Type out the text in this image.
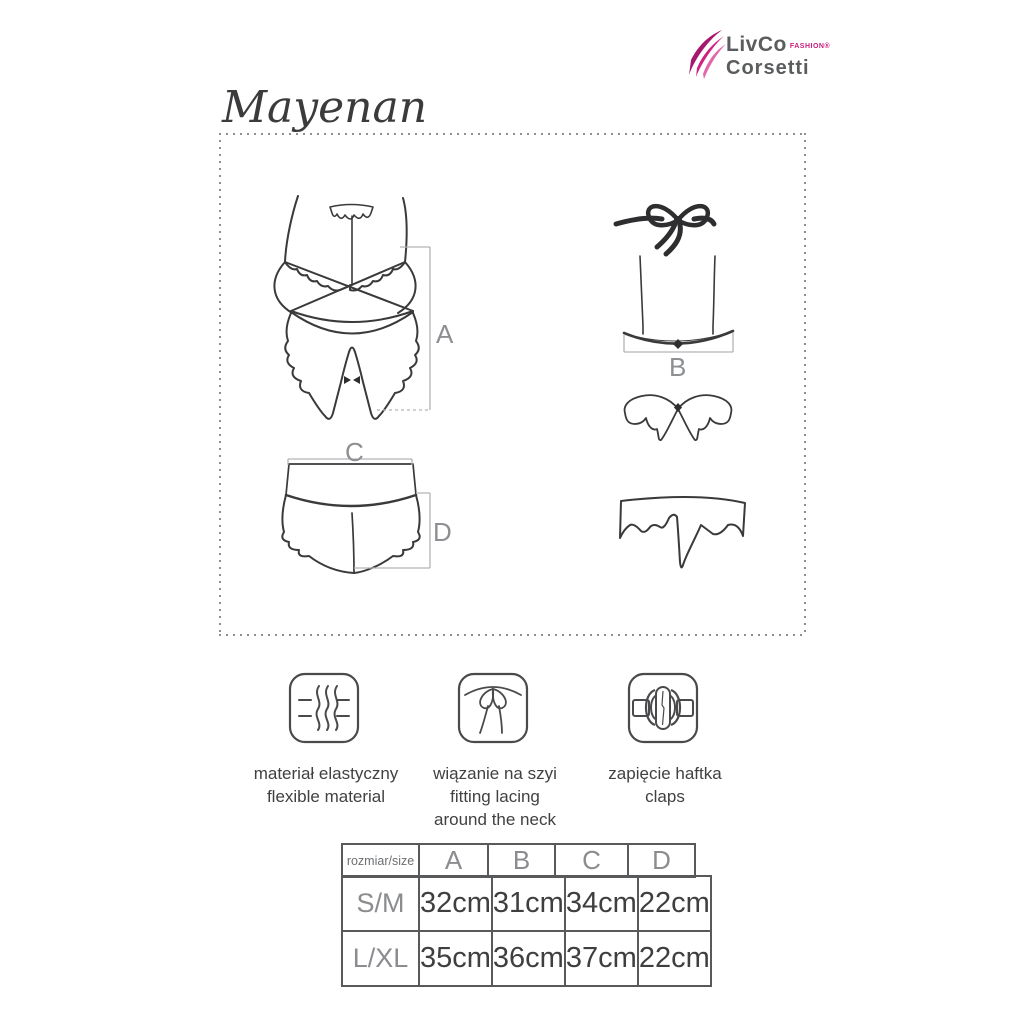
LivCo FASHION®
Corsetti
Mayenan
A
C
D
B
materiał elastyczny
flexible material
wiązanie na szyi
fitting lacing
around the neck
zapięcie haftka
claps
rozmiar/size	A	B	C	D
S/M	32cm	31cm	34cm	22cm
L/XL	35cm	36cm	37cm	22cm
